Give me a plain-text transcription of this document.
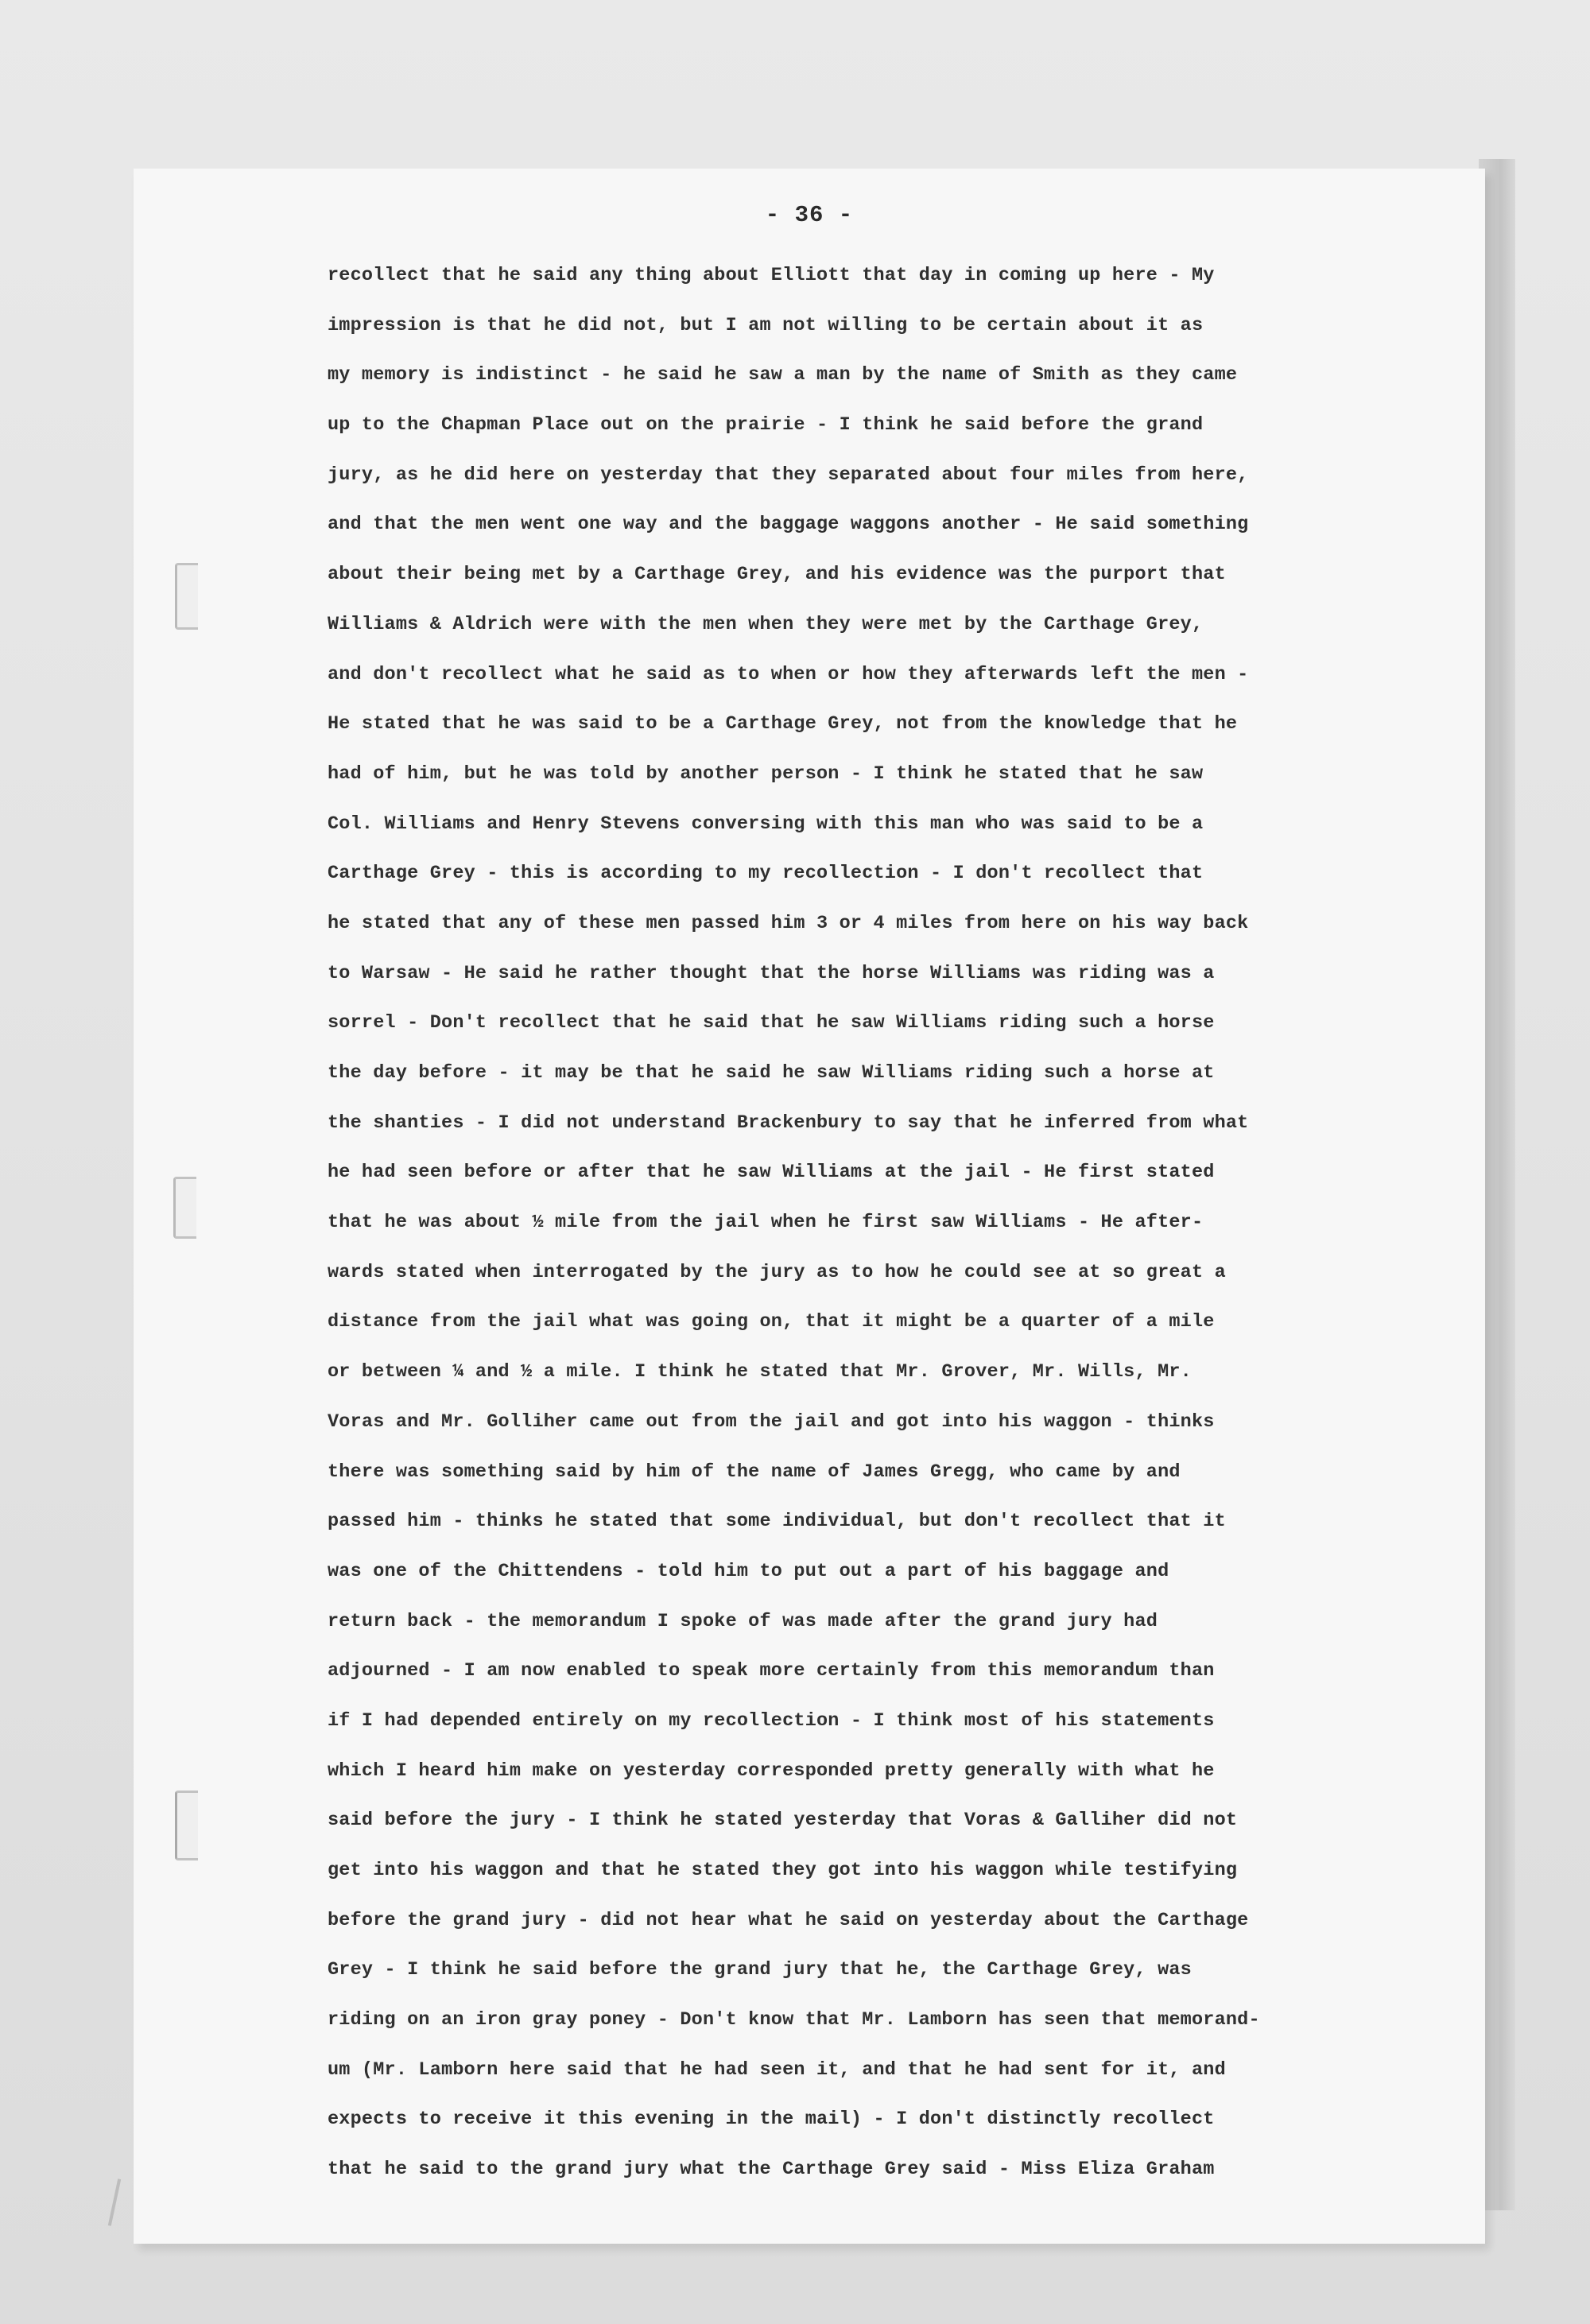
- 36 -
recollect that he said any thing about Elliott that day in coming up here - My
impression is that he did not, but I am not willing to be certain about it as
my memory is indistinct - he said he saw a man by the name of Smith as they came
up to the Chapman Place out on the prairie - I think he said before the grand
jury, as he did here on yesterday that they separated about four miles from here,
and that the men went one way and the baggage waggons another - He said something
about their being met by a Carthage Grey, and his evidence was the purport that
Williams & Aldrich were with the men when they were met by the Carthage Grey,
and don't recollect what he said as to when or how they afterwards left the men -
He stated that he was said to be a Carthage Grey, not from the knowledge that he
had of him, but he was told by another person - I think he stated that he saw
Col. Williams and Henry Stevens conversing with this man who was said to be a
Carthage Grey - this is according to my recollection - I don't recollect that
he stated that any of these men passed him 3 or 4 miles from here on his way back
to Warsaw - He said he rather thought that the horse Williams was riding was a
sorrel - Don't recollect that he said that he saw Williams riding such a horse
the day before - it may be that he said he saw Williams riding such a horse at
the shanties - I did not understand Brackenbury to say that he inferred from what
he had seen before or after that he saw Williams at the jail - He first stated
that he was about ½ mile from the jail when he first saw Williams - He after-
wards stated when interrogated by the jury as to how he could see at so great a
distance from the jail what was going on, that it might be a quarter of a mile
or between ¼ and ½ a mile. I think he stated that Mr. Grover, Mr. Wills, Mr.
Voras and Mr. Golliher came out from the jail and got into his waggon - thinks
there was something said by him of the name of James Gregg, who came by and
passed him - thinks he stated that some individual, but don't recollect that it
was one of the Chittendens - told him to put out a part of his baggage and
return back - the memorandum I spoke of was made after the grand jury had
adjourned - I am now enabled to speak more certainly from this memorandum than
if I had depended entirely on my recollection - I think most of his statements
which I heard him make on yesterday corresponded pretty generally with what he
said before the jury - I think he stated yesterday that Voras & Galliher did not
get into his waggon and that he stated they got into his waggon while testifying
before the grand jury - did not hear what he said on yesterday about the Carthage
Grey - I think he said before the grand jury that he, the Carthage Grey, was
riding on an iron gray poney - Don't know that Mr. Lamborn has seen that memorand-
um (Mr. Lamborn here said that he had seen it, and that he had sent for it, and
expects to receive it this evening in the mail) - I don't distinctly recollect
that he said to the grand jury what the Carthage Grey said - Miss Eliza Graham
